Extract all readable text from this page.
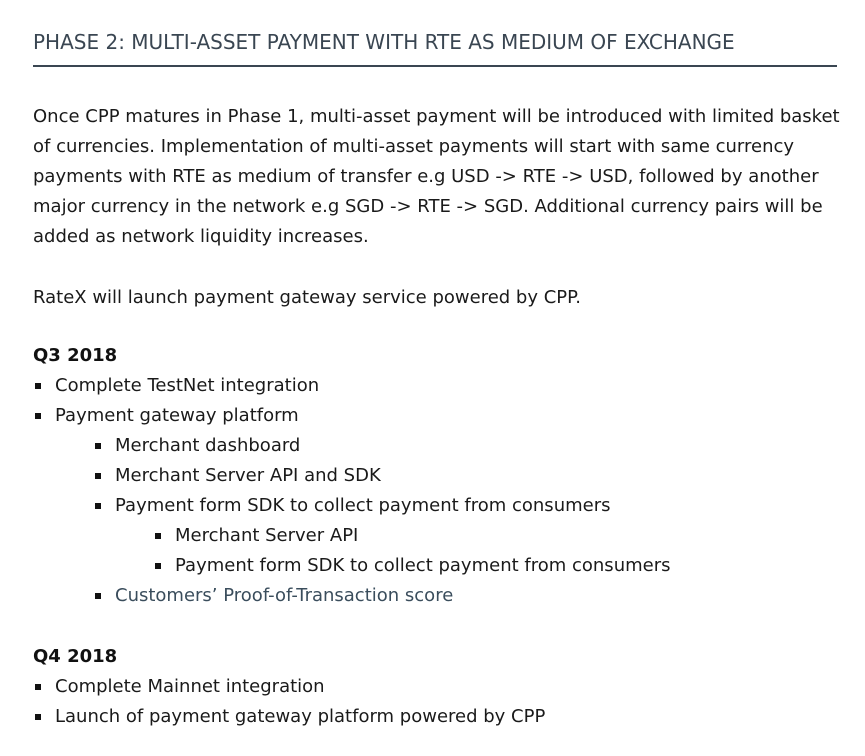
PHASE 2: MULTI-ASSET PAYMENT WITH RTE AS MEDIUM OF EXCHANGE

Once CPP matures in Phase 1, multi-asset payment will be introduced with limited basket of currencies. Implementation of multi-asset payments will start with same currency payments with RTE as medium of transfer e.g USD -> RTE -> USD, followed by another major currency in the network e.g SGD -> RTE -> SGD. Additional currency pairs will be added as network liquidity increases.

RateX will launch payment gateway service powered by CPP.

Q3 2018
Complete TestNet integration
Payment gateway platform
Merchant dashboard
Merchant Server API and SDK
Payment form SDK to collect payment from consumers
Merchant Server API
Payment form SDK to collect payment from consumers
Customers’ Proof-of-Transaction score
Q4 2018
Complete Mainnet integration
Launch of payment gateway platform powered by CPP
